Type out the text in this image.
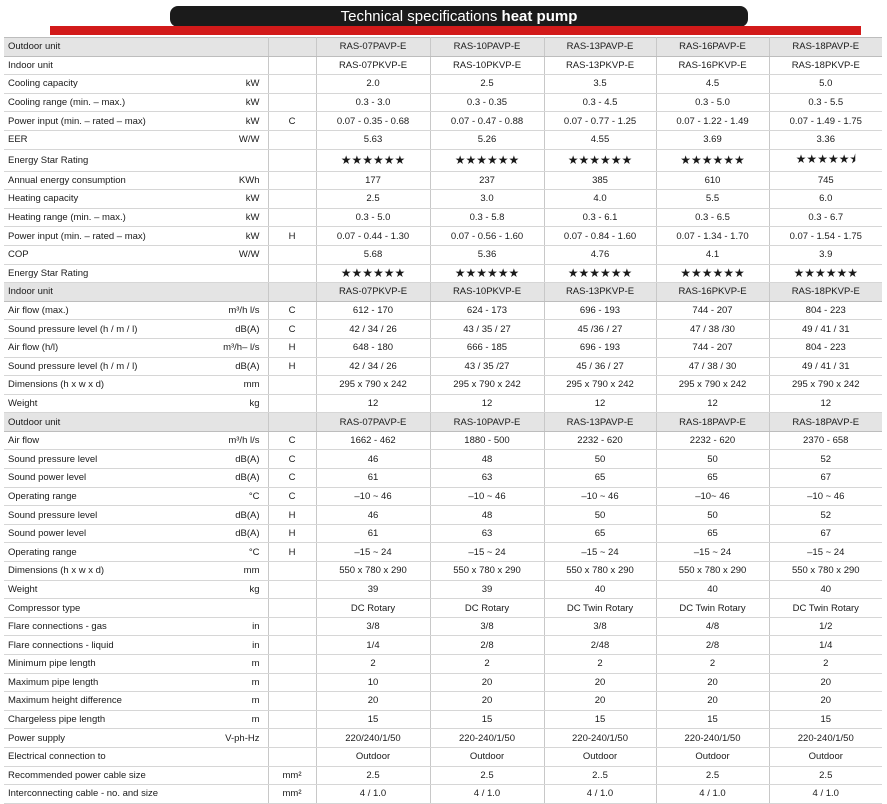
Technical specifications heat pump
Outdoor unit			RAS-07PAVP-E	RAS-10PAVP-E	RAS-13PAVP-E	RAS-16PAVP-E	RAS-18PAVP-E
Indoor unit			RAS-07PKVP-E	RAS-10PKVP-E	RAS-13PKVP-E	RAS-16PKVP-E	RAS-18PKVP-E
Cooling capacity	kW		2.0	2.5	3.5	4.5	5.0
Cooling range (min. – max.)	kW		0.3 - 3.0	0.3 - 0.35	0.3 - 4.5	0.3 - 5.0	0.3 - 5.5
Power input (min. – rated – max)	kW	C	0.07 - 0.35 - 0.68	0.07 - 0.47 - 0.88	0.07 - 0.77 - 1.25	0.07 - 1.22 - 1.49	0.07 - 1.49 - 1.75
EER	W/W		5.63	5.26	4.55	3.69	3.36
Energy Star Rating			★★★★★★	★★★★★★	★★★★★★	★★★★★★	★★★★★⯨
Annual energy consumption	KWh		177	237	385	610	745
Heating capacity	kW		2.5	3.0	4.0	5.5	6.0
Heating range (min. – max.)	kW		0.3 - 5.0	0.3 - 5.8	0.3 - 6.1	0.3 - 6.5	0.3 - 6.7
Power input (min. – rated – max)	kW	H	0.07 - 0.44 - 1.30	0.07 - 0.56 - 1.60	0.07 - 0.84 - 1.60	0.07 - 1.34 - 1.70	0.07 - 1.54 - 1.75
COP	W/W		5.68	5.36	4.76	4.1	3.9
Energy Star Rating			★★★★★★	★★★★★★	★★★★★★	★★★★★★	★★★★★★
Indoor unit			RAS-07PKVP-E	RAS-10PKVP-E	RAS-13PKVP-E	RAS-16PKVP-E	RAS-18PKVP-E
Air flow (max.)	m³/h l/s	C	612 - 170	624 - 173	696 - 193	744 - 207	804 - 223
Sound pressure level (h / m / l)	dB(A)	C	42 / 34 / 26	43 / 35 / 27	45 /36 / 27	47 / 38 /30	49 / 41 / 31
Air flow (h/l)	m³/h– l/s	H	648 - 180	666 - 185	696 - 193	744 - 207	804 - 223
Sound pressure level (h / m / l)	dB(A)	H	42 / 34 / 26	43 / 35 /27	45 / 36 / 27	47 / 38 / 30	49 / 41 / 31
Dimensions (h x w x d)	mm		295 x 790 x 242	295 x 790 x 242	295 x 790 x 242	295 x 790 x 242	295 x 790 x 242
Weight	kg		12	12	12	12	12
Outdoor unit			RAS-07PAVP-E	RAS-10PAVP-E	RAS-13PAVP-E	RAS-18PAVP-E	RAS-18PAVP-E
Air flow	m³/h l/s	C	1662 - 462	1880 - 500	2232 - 620	2232 - 620	2370 - 658
Sound pressure level	dB(A)	C	46	48	50	50	52
Sound power level	dB(A)	C	61	63	65	65	67
Operating range	°C	C	–10 ~ 46	–10 ~ 46	–10 ~ 46	–10~ 46	–10 ~ 46
Sound pressure level	dB(A)	H	46	48	50	50	52
Sound power level	dB(A)	H	61	63	65	65	67
Operating range	°C	H	–15 ~ 24	–15 ~ 24	–15 ~ 24	–15 ~ 24	–15 ~ 24
Dimensions (h x w x d)	mm		550 x 780 x 290	550 x 780 x 290	550 x 780 x 290	550 x 780 x 290	550 x 780 x 290
Weight	kg		39	39	40	40	40
Compressor type			DC Rotary	DC Rotary	DC Twin Rotary	DC Twin Rotary	DC Twin Rotary
Flare connections - gas	in		3/8	3/8	3/8	4/8	1/2
Flare connections - liquid	in		1/4	2/8	2/48	2/8	1/4
Minimum pipe length	m		2	2	2	2	2
Maximum pipe length	m		10	20	20	20	20
Maximum height difference	m		20	20	20	20	20
Chargeless pipe length	m		15	15	15	15	15
Power supply	V-ph-Hz		220/240/1/50	220-240/1/50	220-240/1/50	220-240/1/50	220-240/1/50
Electrical connection to			Outdoor	Outdoor	Outdoor	Outdoor	Outdoor
Recommended power cable size		mm²	2.5	2.5	2..5	2.5	2.5
Interconnecting cable - no. and size		mm²	4 / 1.0	4 / 1.0	4 / 1.0	4 / 1.0	4 / 1.0
